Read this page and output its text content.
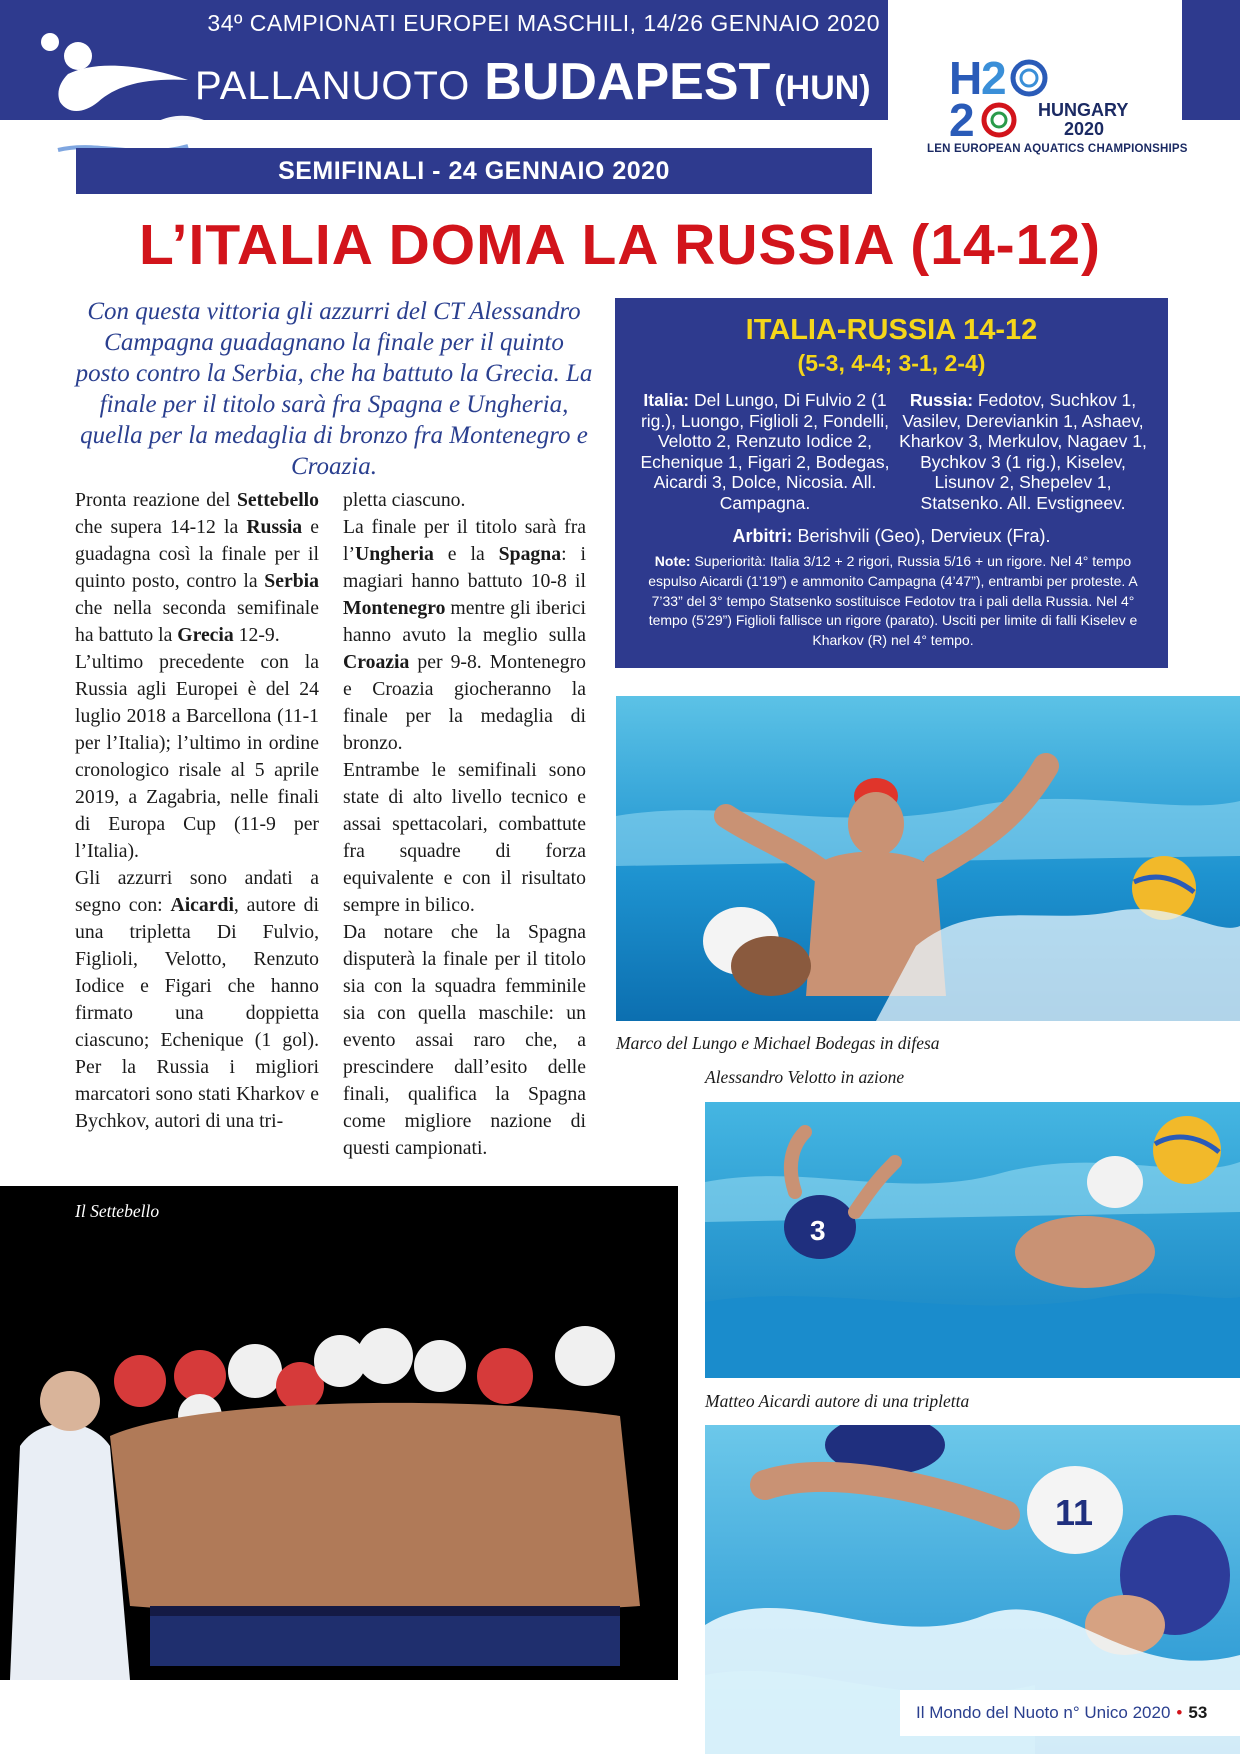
34º CAMPIONATI EUROPEI MASCHILI, 14/26 GENNAIO 2020
PALLANUOTO BUDAPEST (HUN) H
2
2	HUNGARY
2020
LEN EUROPEAN AQUATICS CHAMPIONSHIPS
SEMIFINALI - 24 GENNAIO 2020
L’ITALIA DOMA LA RUSSIA (14-12)
Con questa vittoria gli azzurri del CT Alessandro Campagna guadagnano la finale per il quinto posto contro la Serbia, che ha battuto la Grecia. La finale per il titolo sarà fra Spagna e Ungheria, quella per la medaglia di bronzo fra Montenegro e Croazia.
ITALIA-RUSSIA 14-12
(5-3, 4-4; 3-1, 2-4)
Italia: Del Lungo, Di Fulvio 2 (1 rig.), Luongo, Figlioli 2, Fondelli, Velotto 2, Renzuto Iodice 2, Echenique 1, Figari 2, Bodegas, Aicardi 3, Dolce, Nicosia. All. Campagna.
Russia: Fedotov, Suchkov 1, Vasilev, Dereviankin 1, Ashaev, Kharkov 3, Merkulov, Nagaev 1, Bychkov 3 (1 rig.), Kiselev, Lisunov 2, Shepelev 1, Statsenko. All. Evstigneev.
Arbitri: Berishvili (Geo), Dervieux (Fra).
Note: Superiorità: Italia 3/12 + 2 rigori, Russia 5/16 + un rigore. Nel 4° tempo espulso Aicardi (1’19”) e ammonito Campagna (4’47”), entrambi per proteste. A 7’33” del 3° tempo Statsenko sostituisce Fedotov tra i pali della Russia. Nel 4° tempo (5’29”) Figlioli fallisce un rigore (parato). Usciti per limite di falli Kiselev e Kharkov (R) nel 4° tempo.

Pronta reazione del Settebello che supera 14-12 la Russia e guadagna così la finale per il quinto posto, contro la Serbia che nella seconda semifinale ha battuto la Grecia 12-9.

L’ultimo precedente con la Russia agli Europei è del 24 luglio 2018 a Barcellona (11-1 per l’Italia); l’ultimo in ordine cronologico risale al 5 aprile 2019, a Zagabria, nelle finali di Europa Cup (11-9 per l’Italia).

Gli azzurri sono andati a segno con: Aicardi, autore di una tripletta Di Fulvio, Figlioli, Velotto, Renzuto Iodice e Figari che hanno firmato una doppietta ciascuno; Echenique (1 gol). Per la Russia i migliori marcatori sono stati Kharkov e Bychkov, autori di una tri-

pletta ciascuno.

La finale per il titolo sarà fra l’Ungheria e la Spagna: i magiari hanno battuto 10-8 il Montenegro mentre gli iberici hanno avuto la meglio sulla Croazia per 9-8. Montenegro e Croazia giocheranno la finale per la medaglia di bronzo.

Entrambe le semifinali sono state di alto livello tecnico e assai spettacolari, combattute fra squadre di forza equivalente e con il risultato sempre in bilico.

Da notare che la Spagna disputerà la finale per il titolo sia con la squadra femminile sia con quella maschile: un evento assai raro che, a prescindere dall’esito delle finali, qualifica la Spagna come migliore nazione di questi campionati.

Marco del Lungo e Michael Bodegas in difesa
Alessandro Velotto in azione
3
Matteo Aicardi autore di una tripletta
11
Il Settebello
Il Mondo del Nuoto n° Unico 2020 • 53
